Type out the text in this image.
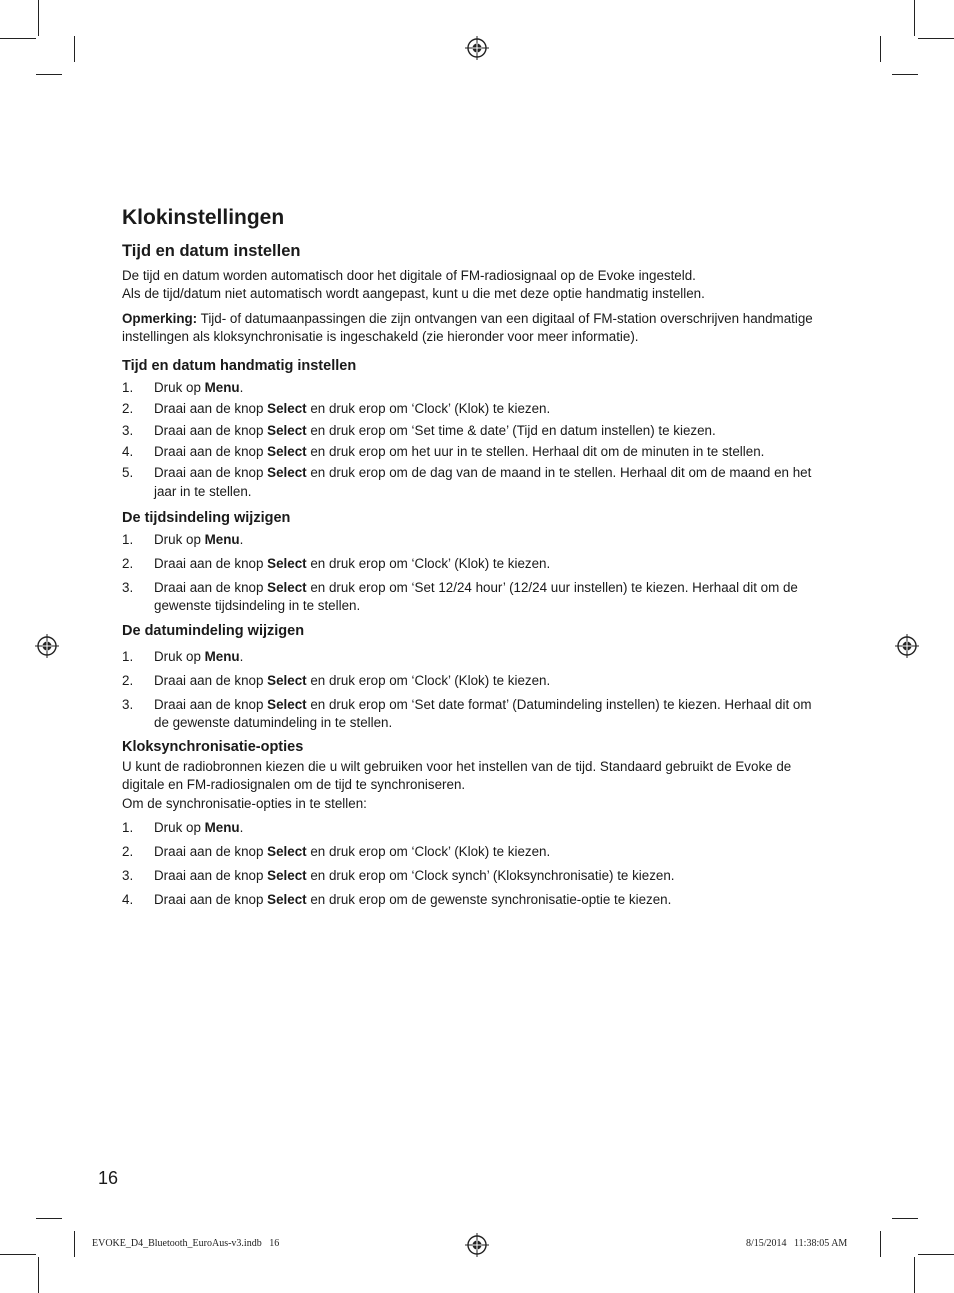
Klokinstellingen
Tijd en datum instellen

De tijd en datum worden automatisch door het digitale of FM-radiosignaal op de Evoke ingesteld.

Als de tijd/datum niet automatisch wordt aangepast, kunt u die met deze optie handmatig instellen.

Opmerking: Tijd- of datumaanpassingen die zijn ontvangen van een digitaal of FM-station overschrijven handmatige instellingen als kloksynchronisatie is ingeschakeld (zie hieronder voor meer informatie).

Tijd en datum handmatig instellen
1. Druk op Menu.
2. Draai aan de knop Select en druk erop om ‘Clock’ (Klok) te kiezen.
3. Draai aan de knop Select en druk erop om ‘Set time & date’ (Tijd en datum instellen) te kiezen.
4. Draai aan de knop Select en druk erop om het uur in te stellen. Herhaal dit om de minuten in te stellen.
5. Draai aan de knop Select en druk erop om de dag van de maand in te stellen. Herhaal dit om de maand en het jaar in te stellen.
De tijdsindeling wijzigen
1. Druk op Menu.
2. Draai aan de knop Select en druk erop om ‘Clock’ (Klok) te kiezen.
3. Draai aan de knop Select en druk erop om ‘Set 12/24 hour’ (12/24 uur instellen) te kiezen. Herhaal dit om de gewenste tijdsindeling in te stellen.
De datumindeling wijzigen
1. Druk op Menu.
2. Draai aan de knop Select en druk erop om ‘Clock’ (Klok) te kiezen.
3. Draai aan de knop Select en druk erop om ‘Set date format’ (Datumindeling instellen) te kiezen. Herhaal dit om de gewenste datumindeling in te stellen.
Kloksynchronisatie-opties

U kunt de radiobronnen kiezen die u wilt gebruiken voor het instellen van de tijd. Standaard gebruikt de Evoke de digitale en FM-radiosignalen om de tijd te synchroniseren.

Om de synchronisatie-opties in te stellen:

1. Druk op Menu.
2. Draai aan de knop Select en druk erop om ‘Clock’ (Klok) te kiezen.
3. Draai aan de knop Select en druk erop om ‘Clock synch’ (Kloksynchronisatie) te kiezen.
4. Draai aan de knop Select en druk erop om de gewenste synchronisatie-optie te kiezen.
16
EVOKE_D4_Bluetooth_EuroAus-v3.indb   16	8/15/2014   11:38:05 AM
